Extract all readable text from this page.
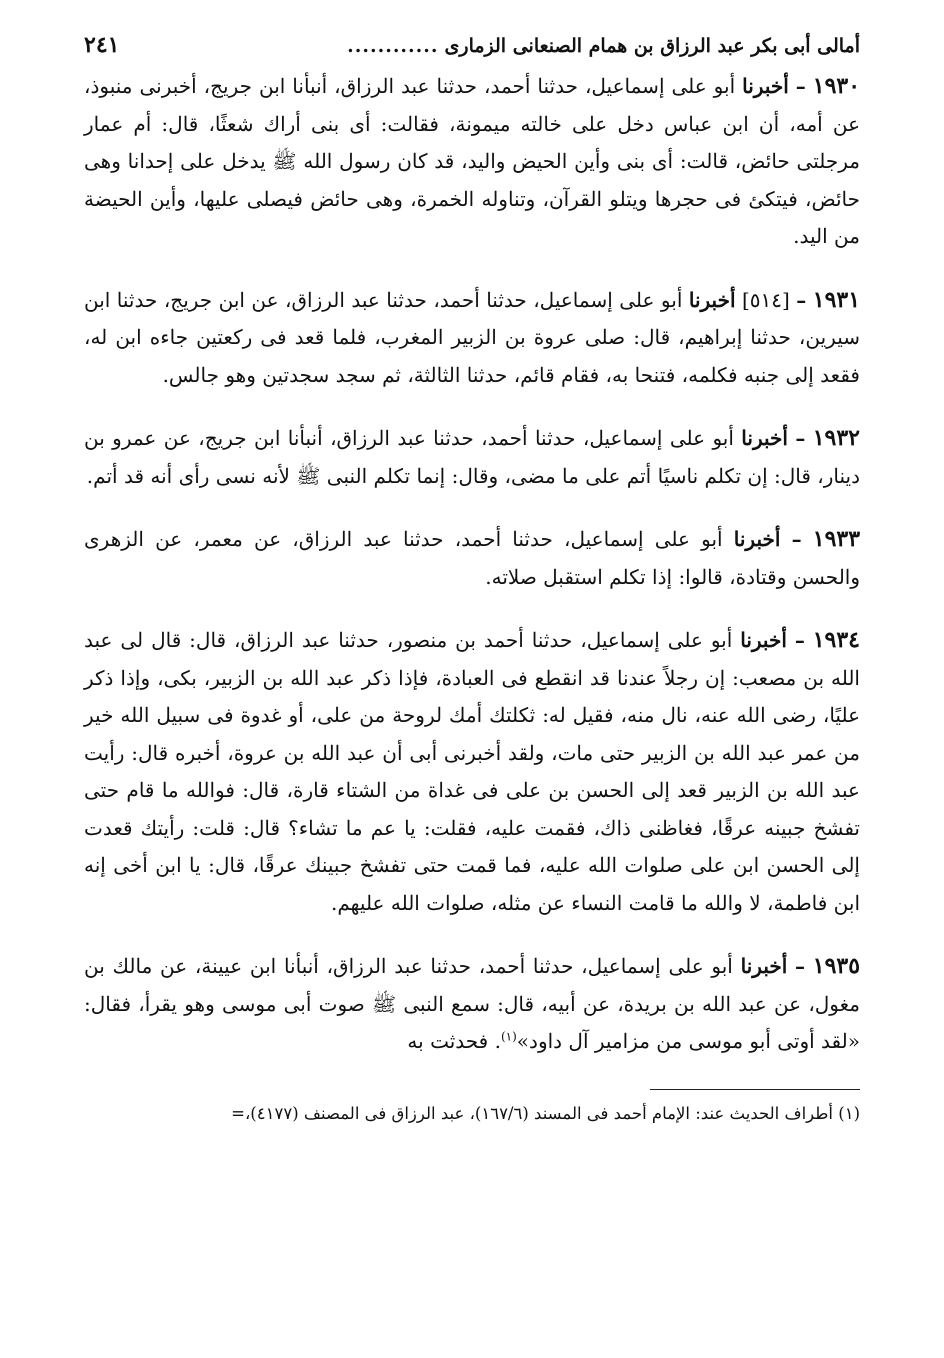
أمالى أبى بكر عبد الرزاق بن همام الصنعانى الزمارى
............
٢٤١

١٩٣٠ – أخبرنا أبو على إسماعيل، حدثنا أحمد، حدثنا عبد الرزاق، أنبأنا ابن جريج، أخبرنى منبوذ، عن أمه، أن ابن عباس دخل على خالته ميمونة، فقالت: أى بنى أراك شعثًا، قال: أم عمار مرجلتى حائض، قالت: أى بنى وأين الحيض واليد، قد كان رسول الله ﷺ يدخل على إحدانا وهى حائض، فيتكئ فى حجرها ويتلو القرآن، وتناوله الخمرة، وهى حائض فيصلى عليها، وأين الحيضة من اليد.

١٩٣١ – [٥١٤] أخبرنا أبو على إسماعيل، حدثنا أحمد، حدثنا عبد الرزاق، عن ابن جريج، حدثنا ابن سيرين، حدثنا إبراهيم، قال: صلى عروة بن الزبير المغرب، فلما قعد فى ركعتين جاءه ابن له، فقعد إلى جنبه فكلمه، فتنحا به، فقام قائم، حدثنا الثالثة، ثم سجد سجدتين وهو جالس.

١٩٣٢ – أخبرنا أبو على إسماعيل، حدثنا أحمد، حدثنا عبد الرزاق، أنبأنا ابن جريج، عن عمرو بن دينار، قال: إن تكلم ناسيًا أتم على ما مضى، وقال: إنما تكلم النبى ﷺ لأنه نسى رأى أنه قد أتم.

١٩٣٣ – أخبرنا أبو على إسماعيل، حدثنا أحمد، حدثنا عبد الرزاق، عن معمر، عن الزهرى والحسن وقتادة، قالوا: إذا تكلم استقبل صلاته.

١٩٣٤ – أخبرنا أبو على إسماعيل، حدثنا أحمد بن منصور، حدثنا عبد الرزاق، قال: قال لى عبد الله بن مصعب: إن رجلاً عندنا قد انقطع فى العبادة، فإذا ذكر عبد الله بن الزبير، بكى، وإذا ذكر عليًا، رضى الله عنه، نال منه، فقيل له: ثكلتك أمك لروحة من على، أو غدوة فى سبيل الله خير من عمر عبد الله بن الزبير حتى مات، ولقد أخبرنى أبى أن عبد الله بن عروة، أخبره قال: رأيت عبد الله بن الزبير قعد إلى الحسن بن على فى غداة من الشتاء قارة، قال: فوالله ما قام حتى تفشخ جبينه عرقًا، فغاظنى ذاك، فقمت عليه، فقلت: يا عم ما تشاء؟ قال: قلت: رأيتك قعدت إلى الحسن ابن على صلوات الله عليه، فما قمت حتى تفشخ جبينك عرقًا، قال: يا ابن أخى إنه ابن فاطمة، لا والله ما قامت النساء عن مثله، صلوات الله عليهم.

١٩٣٥ – أخبرنا أبو على إسماعيل، حدثنا أحمد، حدثنا عبد الرزاق، أنبأنا ابن عيينة، عن مالك بن مغول، عن عبد الله بن بريدة، عن أبيه، قال: سمع النبى ﷺ صوت أبى موسى وهو يقرأ، فقال: «لقد أوتى أبو موسى من مزامير آل داود»$^{(١)}$. فحدثت به

(١) أطراف الحديث عند: الإمام أحمد فى المسند (١٦٧/٦)، عبد الرزاق فى المصنف (٤١٧٧)،=
